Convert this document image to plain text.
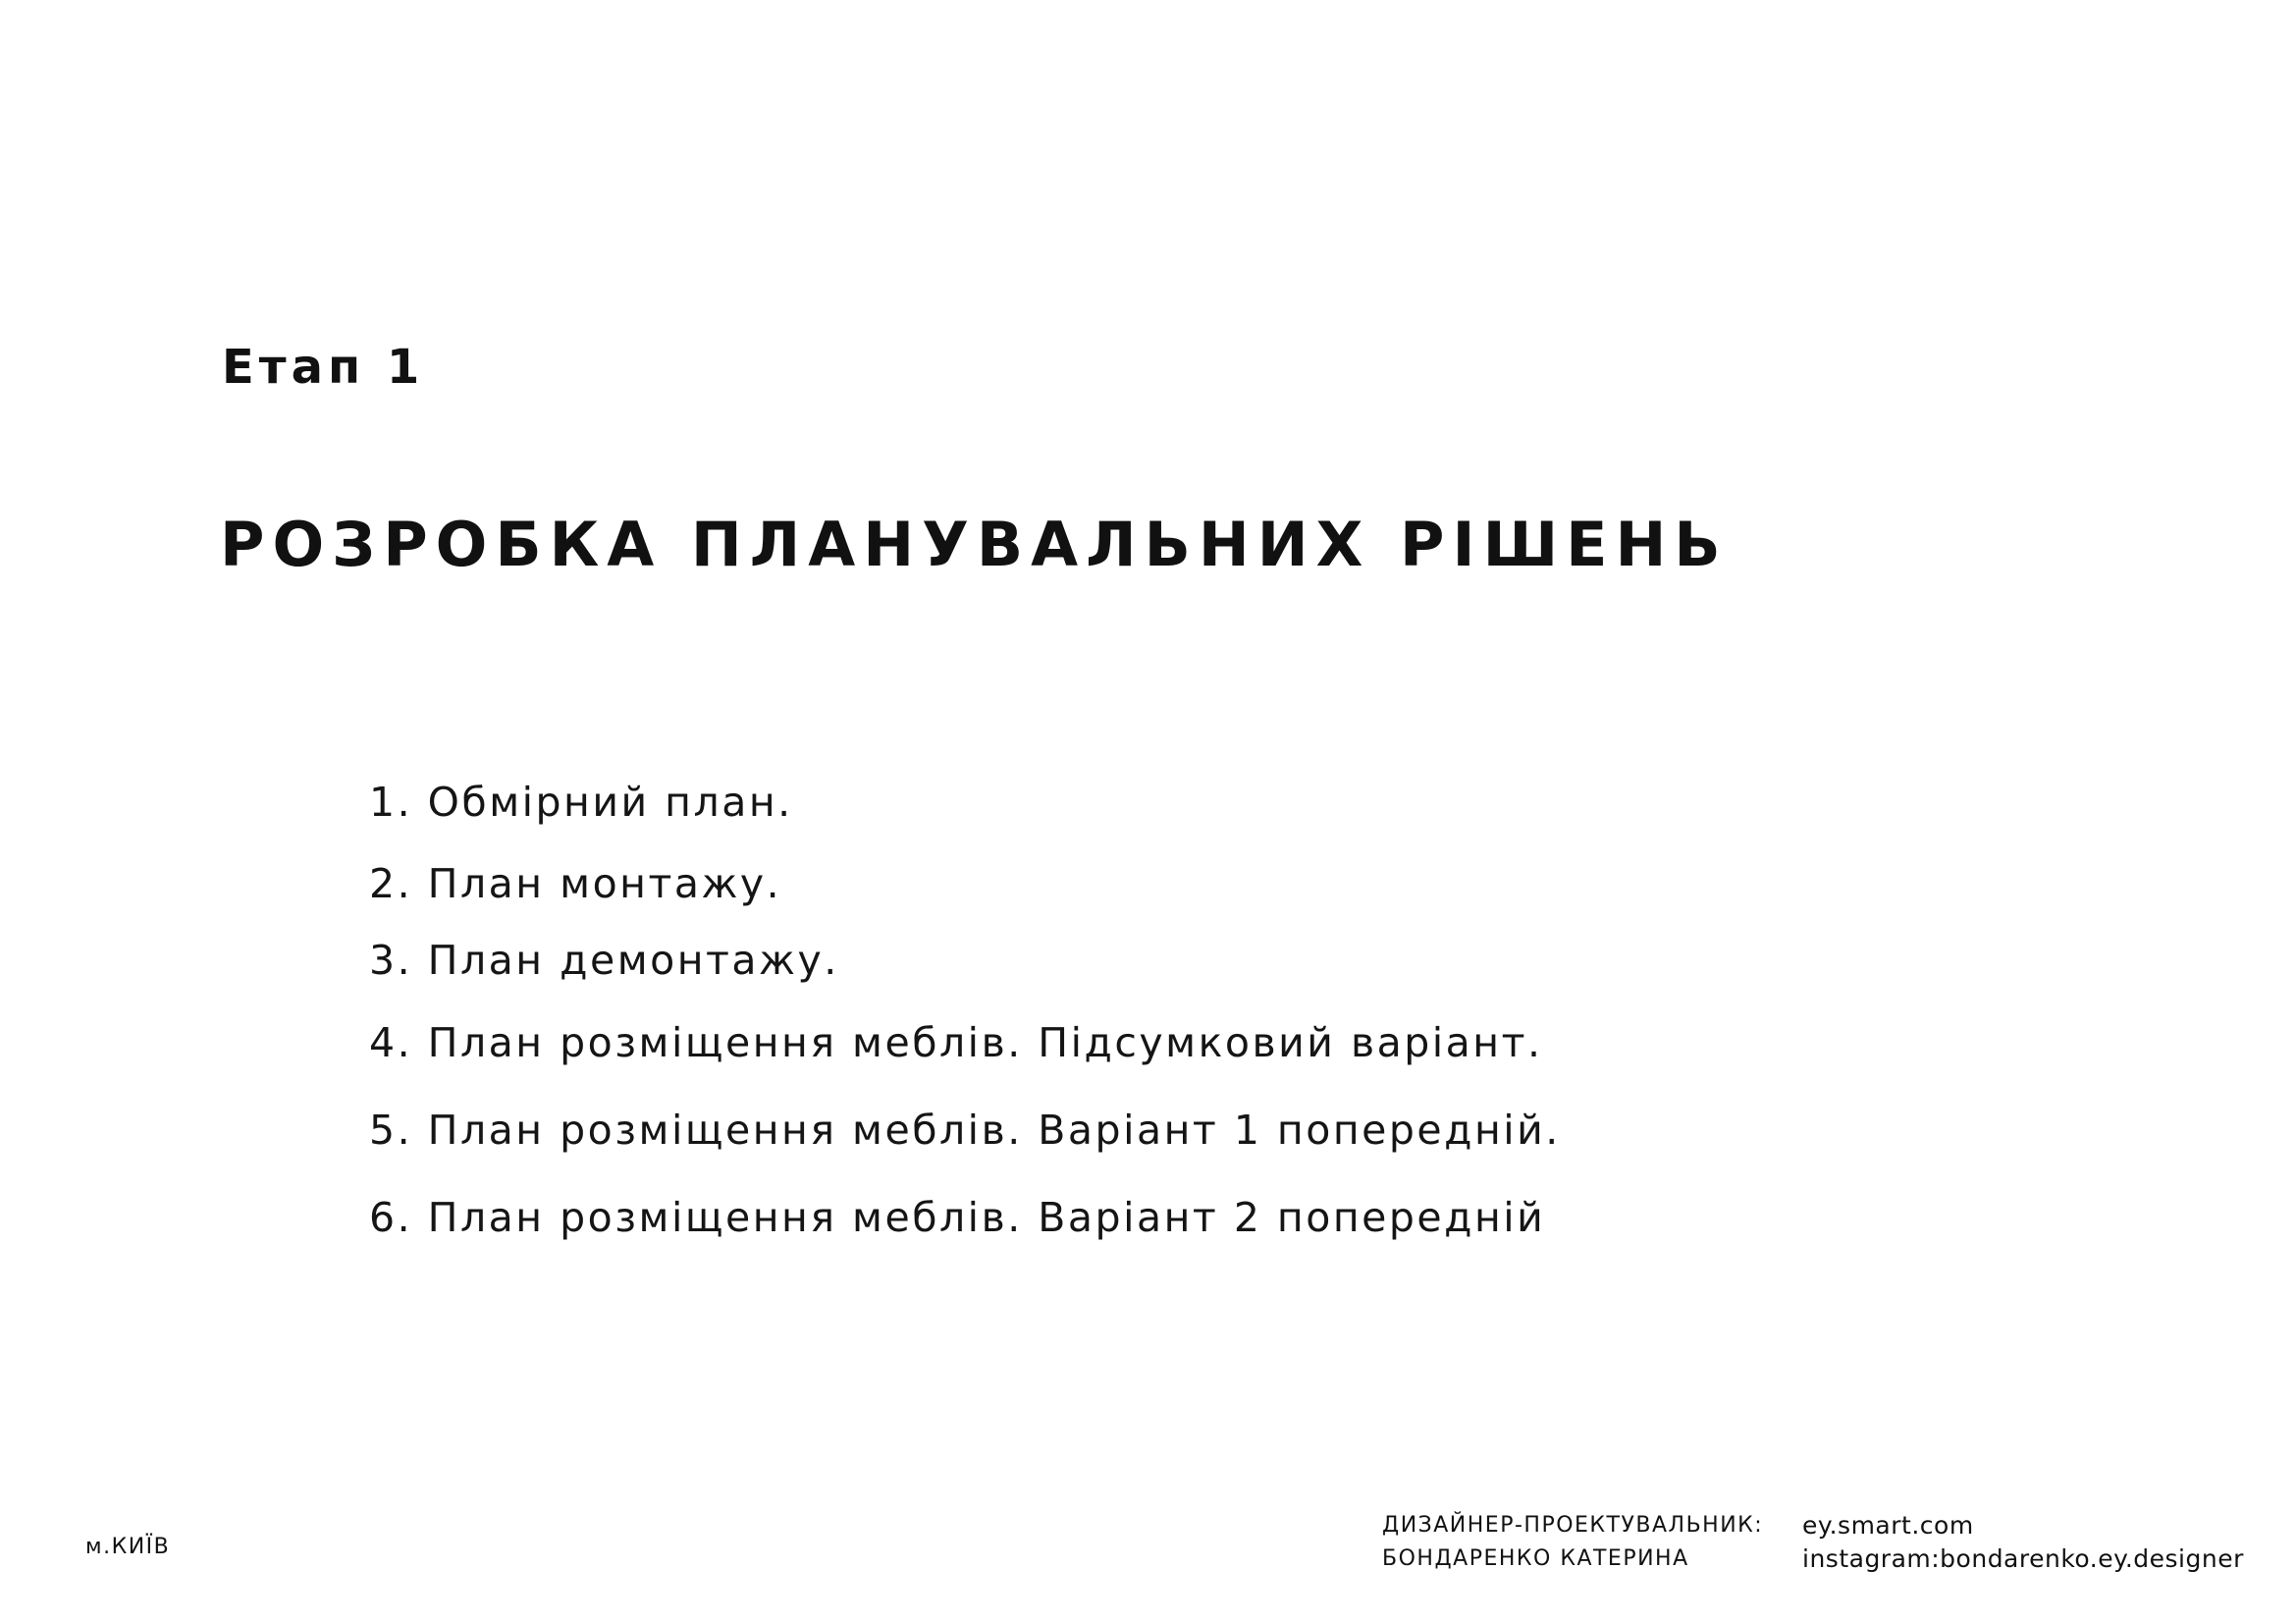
Етап 1
РОЗРОБКА ПЛАНУВАЛЬНИХ РІШЕНЬ
1. Обмірний план.
2. План монтажу.
3. План демонтажу.
4. План розміщення меблів. Підсумковий варіант.
5. План розміщення меблів. Варіант 1 попередній.
6. План розміщення меблів. Варіант 2 попередній
м.КИЇВ
ДИЗАЙНЕР-ПРОЕКТУВАЛЬНИК:
БОНДАРЕНКО КАТЕРИНА
ey.smart.com
instagram:bondarenko.ey.designer
